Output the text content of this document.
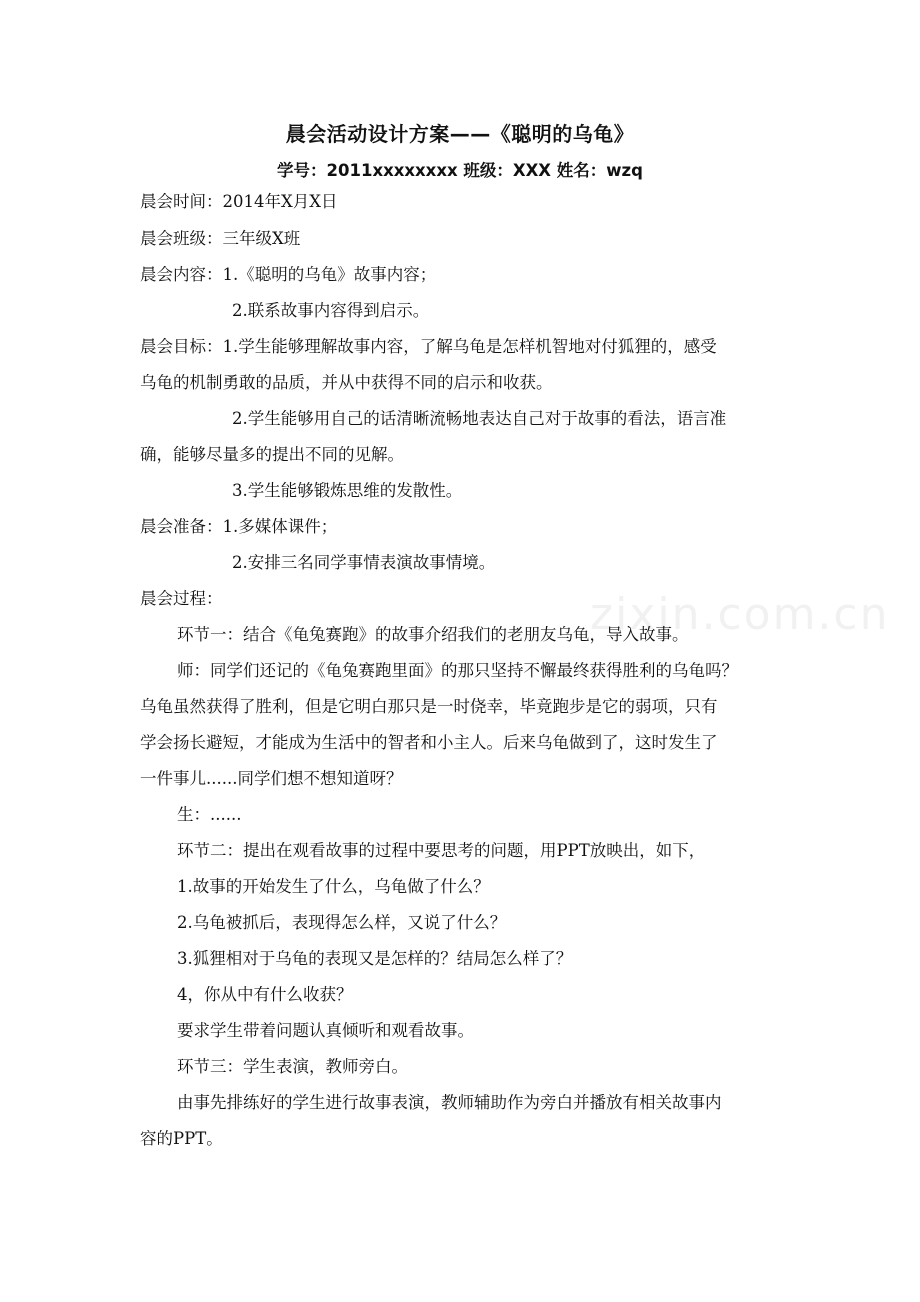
zixin.com.cn
晨会活动设计方案——《聪明的乌龟》
学号：2011xxxxxxxx 班级：XXX 姓名：wzq
晨会时间：2014年X月X日
晨会班级：三年级X班
晨会内容：1.《聪明的乌龟》故事内容；
2.联系故事内容得到启示。
晨会目标：1.学生能够理解故事内容，了解乌龟是怎样机智地对付狐狸的，感受
乌龟的机制勇敢的品质，并从中获得不同的启示和收获。
2.学生能够用自己的话清晰流畅地表达自己对于故事的看法，语言准
确，能够尽量多的提出不同的见解。
3.学生能够锻炼思维的发散性。
晨会准备：1.多媒体课件；
2.安排三名同学事情表演故事情境。
晨会过程：
环节一：结合《龟兔赛跑》的故事介绍我们的老朋友乌龟，导入故事。
师：同学们还记的《龟兔赛跑里面》的那只坚持不懈最终获得胜利的乌龟吗？
乌龟虽然获得了胜利，但是它明白那只是一时侥幸，毕竟跑步是它的弱项，只有
学会扬长避短，才能成为生活中的智者和小主人。后来乌龟做到了，这时发生了
一件事儿......同学们想不想知道呀？
生：......
环节二：提出在观看故事的过程中要思考的问题，用PPT放映出，如下，
1.故事的开始发生了什么，乌龟做了什么？
2.乌龟被抓后，表现得怎么样，又说了什么？
3.狐狸相对于乌龟的表现又是怎样的？结局怎么样了？
4，你从中有什么收获？
要求学生带着问题认真倾听和观看故事。
环节三：学生表演，教师旁白。
由事先排练好的学生进行故事表演，教师辅助作为旁白并播放有相关故事内
容的PPT。
